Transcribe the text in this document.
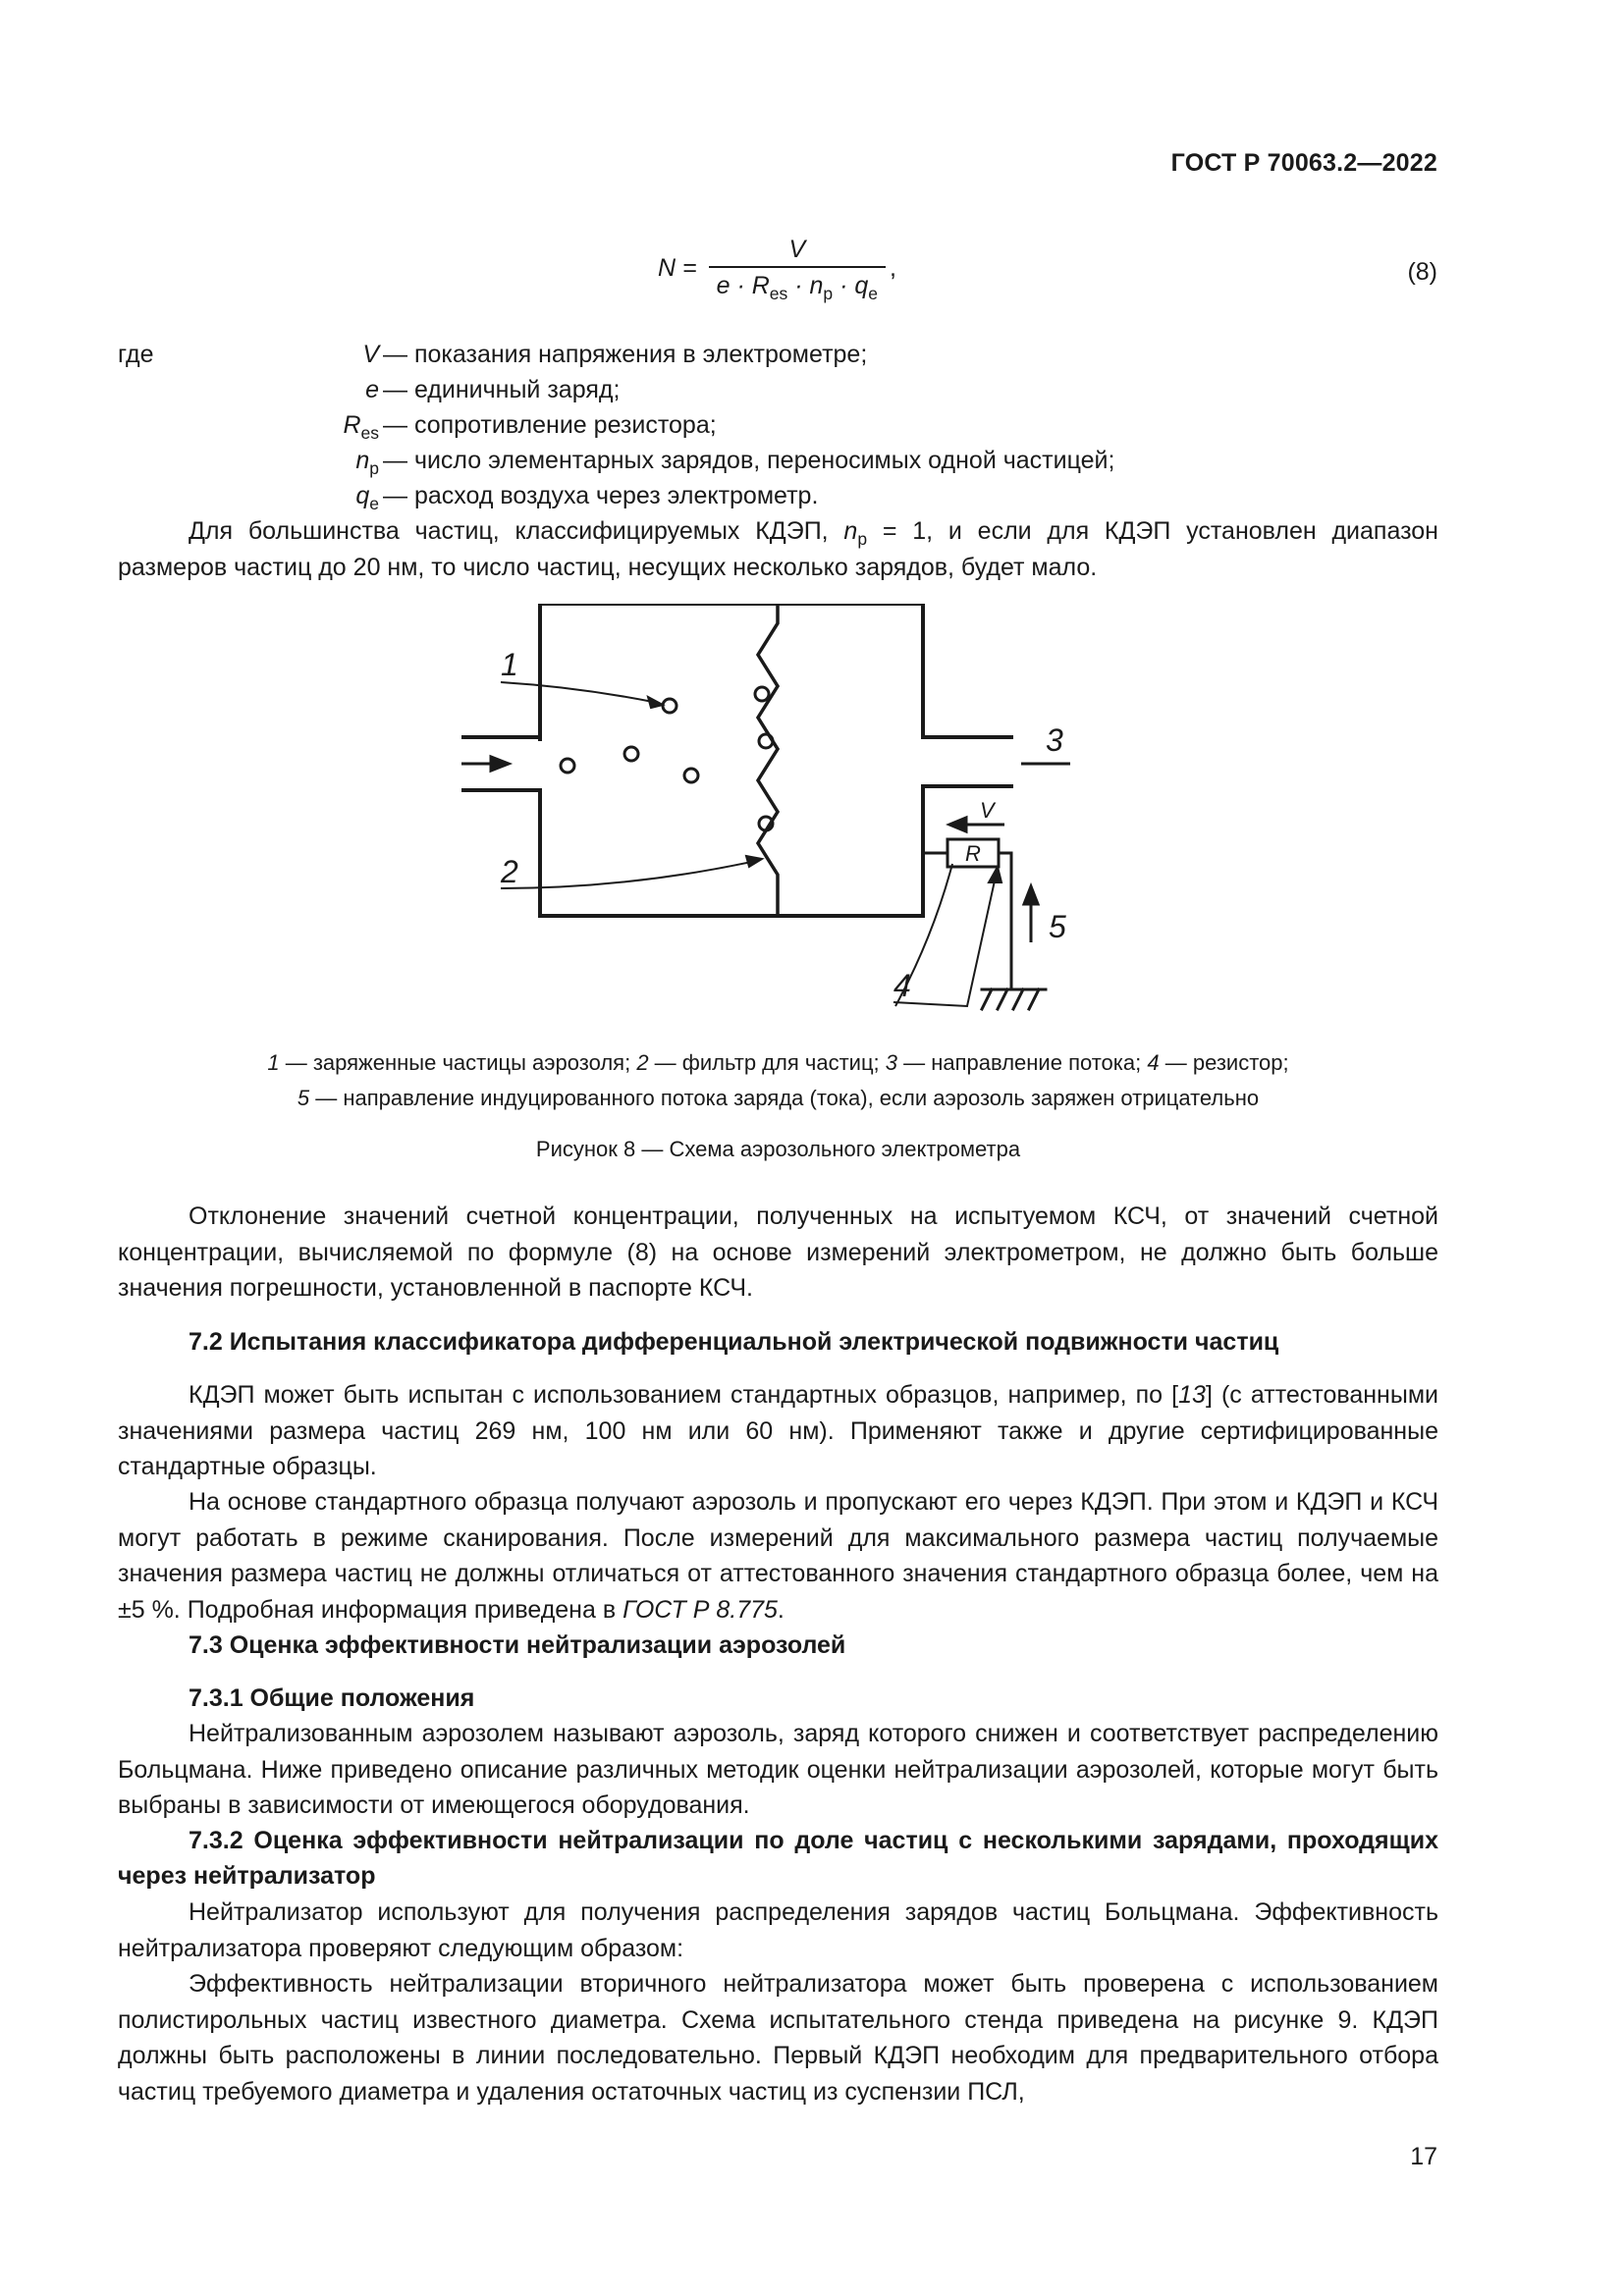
ГОСТ Р 70063.2—2022
$N = \frac{V}{e \cdot R_{es} \cdot n_p \cdot q_e}$ ,	(8)
где	V — показания напряжения в электрометре;
e — единичный заряд;
$R_{es}$ — сопротивление резистора;
$n_p$ — число элементарных зарядов, переносимых одной частицей;
$q_e$ — расход воздуха через электрометр.
Для большинства частиц, классифицируемых КДЭП, $n_p = 1$, и если для КДЭП установлен диапазон размеров частиц до 20 нм, то число частиц, несущих несколько зарядов, будет мало.
1
2
3
4
5
V
R
1 — заряженные частицы аэрозоля; 2 — фильтр для частиц; 3 — направление потока; 4 — резистор;
5 — направление индуцированного потока заряда (тока), если аэрозоль заряжен отрицательно
Рисунок 8 — Схема аэрозольного электрометра
Отклонение значений счетной концентрации, полученных на испытуемом КСЧ, от значений счетной концентрации, вычисляемой по формуле (8) на основе измерений электрометром, не должно быть больше значения погрешности, установленной в паспорте КСЧ.
7.2 Испытания классификатора дифференциальной электрической подвижности частиц
КДЭП может быть испытан с использованием стандартных образцов, например, по [13] (с аттестованными значениями размера частиц 269 нм, 100 нм или 60 нм). Применяют также и другие сертифицированные стандартные образцы.
На основе стандартного образца получают аэрозоль и пропускают его через КДЭП. При этом и КДЭП и КСЧ могут работать в режиме сканирования. После измерений для максимального размера частиц получаемые значения размера частиц не должны отличаться от аттестованного значения стандартного образца более, чем на ±5 %. Подробная информация приведена в ГОСТ Р 8.775.
7.3 Оценка эффективности нейтрализации аэрозолей
7.3.1 Общие положения
Нейтрализованным аэрозолем называют аэрозоль, заряд которого снижен и соответствует распределению Больцмана. Ниже приведено описание различных методик оценки нейтрализации аэрозолей, которые могут быть выбраны в зависимости от имеющегося оборудования.
7.3.2 Оценка эффективности нейтрализации по доле частиц с несколькими зарядами, проходящих через нейтрализатор
Нейтрализатор используют для получения распределения зарядов частиц Больцмана. Эффективность нейтрализатора проверяют следующим образом:
Эффективность нейтрализации вторичного нейтрализатора может быть проверена с использованием полистирольных частиц известного диаметра. Схема испытательного стенда приведена на рисунке 9. КДЭП должны быть расположены в линии последовательно. Первый КДЭП необходим для предварительного отбора частиц требуемого диаметра и удаления остаточных частиц из суспензии ПСЛ,
17
